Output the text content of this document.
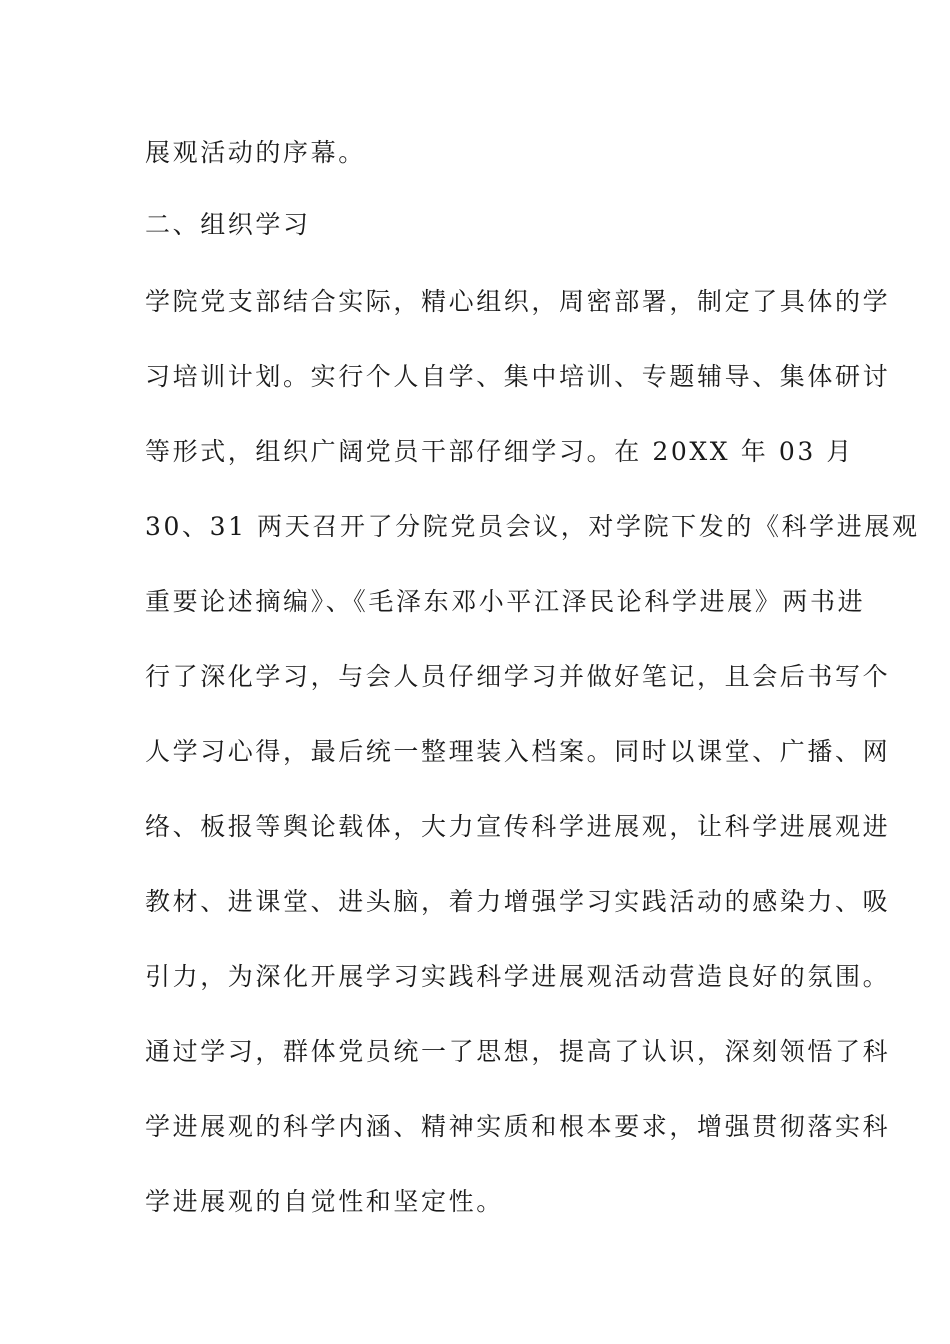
展观活动的序幕。
二、组织学习
学院党支部结合实际，精心组织，周密部署，制定了具体的学
习培训计划。实行个人自学、集中培训、专题辅导、集体研讨
等形式，组织广阔党员干部仔细学习。在 20XX 年 03 月
30、31 两天召开了分院党员会议，对学院下发的《科学进展观
重要论述摘编》、《毛泽东邓小平江泽民论科学进展》两书进
行了深化学习，与会人员仔细学习并做好笔记，且会后书写个
人学习心得，最后统一整理装入档案。同时以课堂、广播、网
络、板报等舆论载体，大力宣传科学进展观，让科学进展观进
教材、进课堂、进头脑，着力增强学习实践活动的感染力、吸
引力，为深化开展学习实践科学进展观活动营造良好的氛围。
通过学习，群体党员统一了思想，提高了认识，深刻领悟了科
学进展观的科学内涵、精神实质和根本要求，增强贯彻落实科
学进展观的自觉性和坚定性。
